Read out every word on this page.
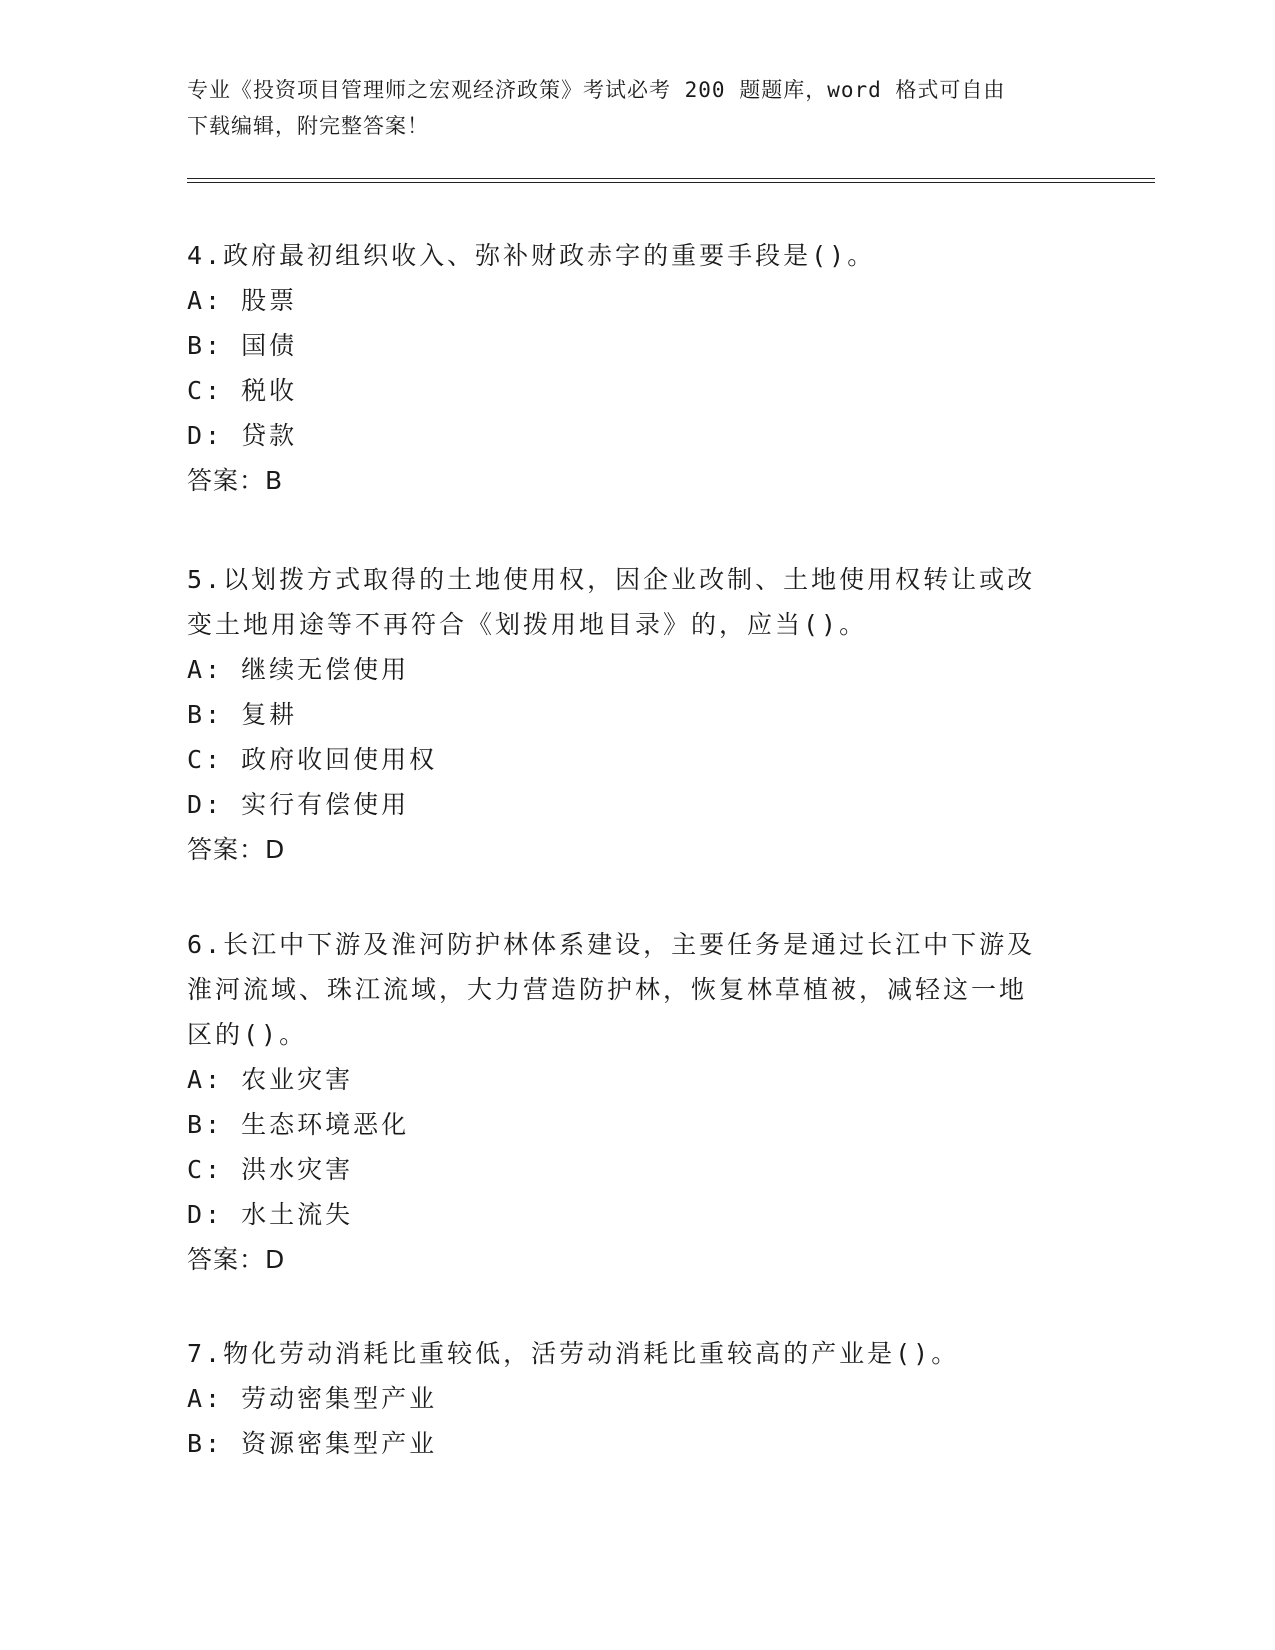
专业《投资项目管理师之宏观经济政策》考试必考 200 题题库，word 格式可自由
下载编辑，附完整答案！
4.政府最初组织收入、弥补财政赤字的重要手段是()。
A: 股票
B: 国债
C: 税收
D: 贷款
答案：B
5.以划拨方式取得的土地使用权，因企业改制、土地使用权转让或改
变土地用途等不再符合《划拨用地目录》的，应当()。
A: 继续无偿使用
B: 复耕
C: 政府收回使用权
D: 实行有偿使用
答案：D
6.长江中下游及淮河防护林体系建设，主要任务是通过长江中下游及
淮河流域、珠江流域，大力营造防护林，恢复林草植被，减轻这一地
区的()。
A: 农业灾害
B: 生态环境恶化
C: 洪水灾害
D: 水土流失
答案：D
7.物化劳动消耗比重较低，活劳动消耗比重较高的产业是()。
A: 劳动密集型产业
B: 资源密集型产业
